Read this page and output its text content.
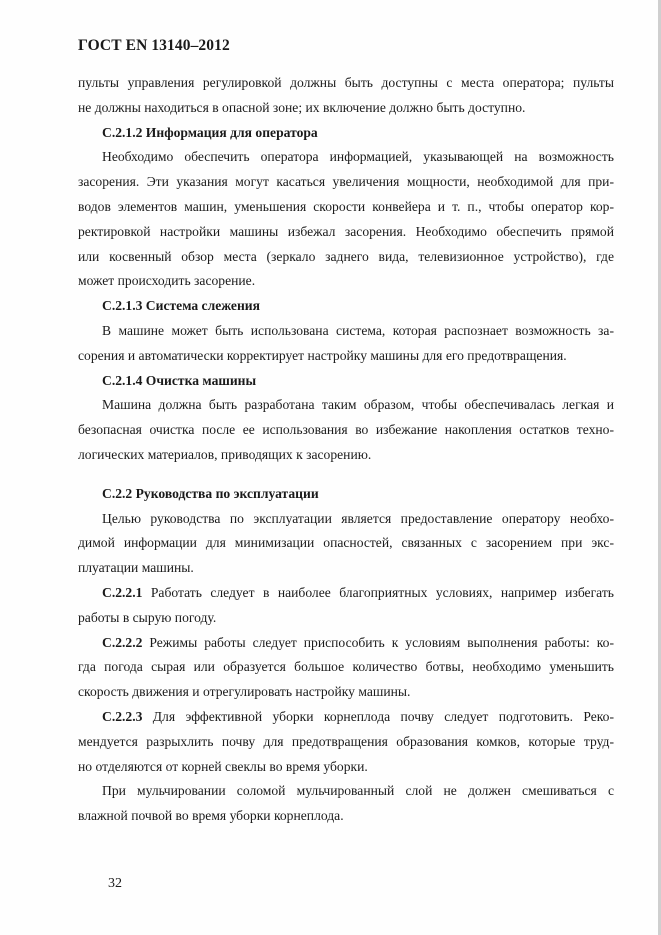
ГОСТ EN 13140–2012
пульты управления регулировкой должны быть доступны с места оператора; пульты
не должны находиться в опасной зоне; их включение должно быть доступно.
С.2.1.2 Информация для оператора
Необходимо обеспечить оператора информацией, указывающей на возможность
засорения. Эти указания могут касаться увеличения мощности, необходимой для при-
водов элементов машин, уменьшения скорости конвейера и т. п., чтобы оператор кор-
ректировкой настройки машины избежал засорения. Необходимо обеспечить прямой
или косвенный обзор места (зеркало заднего вида, телевизионное устройство), где
может происходить засорение.
С.2.1.3 Система слежения
В машине может быть использована система, которая распознает возможность за-
сорения и автоматически корректирует настройку машины для его предотвращения.
С.2.1.4 Очистка машины
Машина должна быть разработана таким образом, чтобы обеспечивалась легкая и
безопасная очистка после ее использования во избежание накопления остатков техно-
логических материалов, приводящих к засорению.
С.2.2 Руководства по эксплуатации
Целью руководства по эксплуатации является предоставление оператору необхо-
димой информации для минимизации опасностей, связанных с засорением при экс-
плуатации машины.
С.2.2.1 Работать следует в наиболее благоприятных условиях, например избегать
работы в сырую погоду.
С.2.2.2 Режимы работы следует приспособить к условиям выполнения работы: ко-
гда погода сырая или образуется большое количество ботвы, необходимо уменьшить
скорость движения и отрегулировать настройку машины.
С.2.2.3 Для эффективной уборки корнеплода почву следует подготовить. Реко-
мендуется разрыхлить почву для предотвращения образования комков, которые труд-
но отделяются от корней свеклы во время уборки.
При мульчировании соломой мульчированный слой не должен смешиваться с
влажной почвой во время уборки корнеплода.
32
